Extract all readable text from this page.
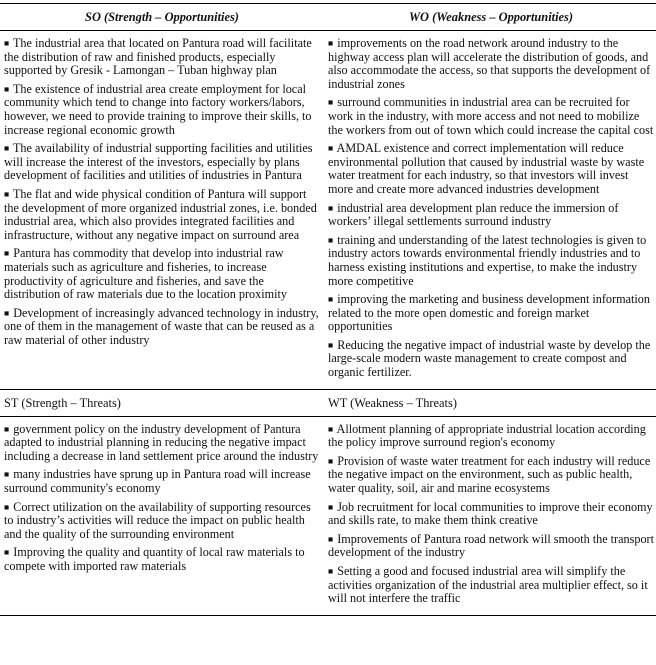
SO (Strength – Opportunities)	WO (Weakness – Opportunities)
■ The industrial area that located on Pantura road will facilitate the distribution of raw and finished products, especially supported by Gresik - Lamongan – Tuban highway plan
■ The existence of industrial area create employment for local community which tend to change into factory workers/labors, however, we need to provide training to improve their skills, to increase regional economic growth
■ The availability of industrial supporting facilities and utilities will increase the interest of the investors, especially by plans development of facilities and utilities of industries in Pantura
■ The flat and wide physical condition of Pantura will support the development of more organized industrial zones, i.e. bonded industrial area, which also provides integrated facilities and infrastructure, without any negative impact on surround area
■ Pantura has commodity that develop into industrial raw materials such as agriculture and fisheries, to increase productivity of agriculture and fisheries, and save the distribution of raw materials due to the location proximity
■ Development of increasingly advanced technology in industry, one of them in the management of waste that can be reused as a raw material of other industry
■ improvements on the road network around industry to the highway access plan will accelerate the distribution of goods, and also accommodate the access, so that supports the development of industrial zones
■ surround communities in industrial area can be recruited for work in the industry, with more access and not need to mobilize the workers from out of town which could increase the capital cost
■ AMDAL existence and correct implementation will reduce environmental pollution that caused by industrial waste by waste water treatment for each industry, so that investors will invest more and create more advanced industries development
■ industrial area development plan reduce the immersion of workers’ illegal settlements surround industry
■ training and understanding of the latest technologies is given to industry actors towards environmental friendly industries and to harness existing institutions and expertise, to make the industry more competitive
■ improving the marketing and business development information related to the more open domestic and foreign market opportunities
■ Reducing the negative impact of industrial waste by develop the large-scale modern waste management to create compost and organic fertilizer.
ST (Strength – Threats)	WT (Weakness – Threats)
■ government policy on the industry development of Pantura adapted to industrial planning in reducing the negative impact including a decrease in land settlement price around the industry
■ many industries have sprung up in Pantura road will increase surround community's economy
■ Correct utilization on the availability of supporting resources to industry’s activities will reduce the impact on public health and the quality of the surrounding environment
■ Improving the quality and quantity of local raw materials to compete with imported raw materials
■ Allotment planning of appropriate industrial location according the policy improve surround region's economy
■ Provision of waste water treatment for each industry will reduce the negative impact on the environment, such as public health, water quality, soil, air and marine ecosystems
■ Job recruitment for local communities to improve their economy and skills rate, to make them think creative
■ Improvements of Pantura road network will smooth the transport development of the industry
■ Setting a good and focused industrial area will simplify the activities organization of the industrial area multiplier effect, so it will not interfere the traffic
